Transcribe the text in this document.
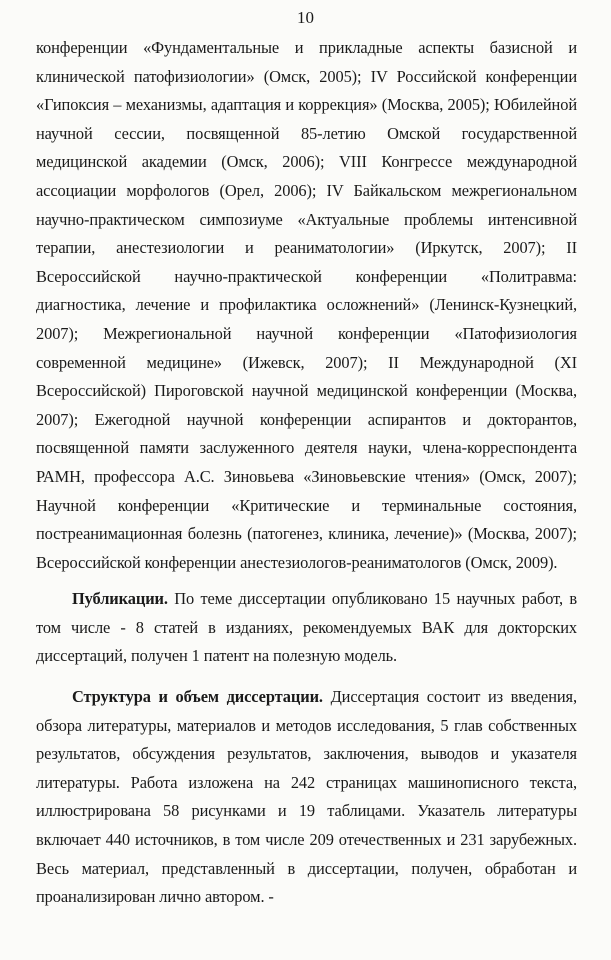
10

конференции «Фундаментальные и прикладные аспекты базисной и клинической патофизиологии» (Омск, 2005); IV Российской конференции «Гипоксия – механизмы, адаптация и коррекция» (Москва, 2005); Юбилейной научной сессии, посвященной 85-летию Омской государственной медицинской академии (Омск, 2006); VIII Конгрессе международной ассоциации морфологов (Орел, 2006); IV Байкальском межрегиональном научно-практическом симпозиуме «Актуальные проблемы интенсивной терапии, анестезиологии и реаниматологии» (Иркутск, 2007); II Всероссийской научно-практической конференции «Политравма: диагностика, лечение и профилактика осложнений» (Ленинск-Кузнецкий, 2007); Межрегиональной научной конференции «Патофизиология современной медицине» (Ижевск, 2007); II Международной (XI Всероссийской) Пироговской научной медицинской конференции (Москва, 2007); Ежегодной научной конференции аспирантов и докторантов, посвященной памяти заслуженного деятеля науки, члена-корреспондента РАМН, профессора А.С. Зиновьева «Зиновьевские чтения» (Омск, 2007); Научной конференции «Критические и терминальные состояния, постреанимационная болезнь (патогенез, клиника, лечение)» (Москва, 2007); Всероссийской конференции анестезиологов-реаниматологов (Омск, 2009).

Публикации. По теме диссертации опубликовано 15 научных работ, в том числе - 8 статей в изданиях, рекомендуемых ВАК для докторских диссертаций, получен 1 патент на полезную модель.

Структура и объем диссертации. Диссертация состоит из введения, обзора литературы, материалов и методов исследования, 5 глав собственных результатов, обсуждения результатов, заключения, выводов и указателя литературы. Работа изложена на 242 страницах машинописного текста, иллюстрирована 58 рисунками и 19 таблицами. Указатель литературы включает 440 источников, в том числе 209 отечественных и 231 зарубежных. Весь материал, представленный в диссертации, получен, обработан и проанализирован лично автором. -
